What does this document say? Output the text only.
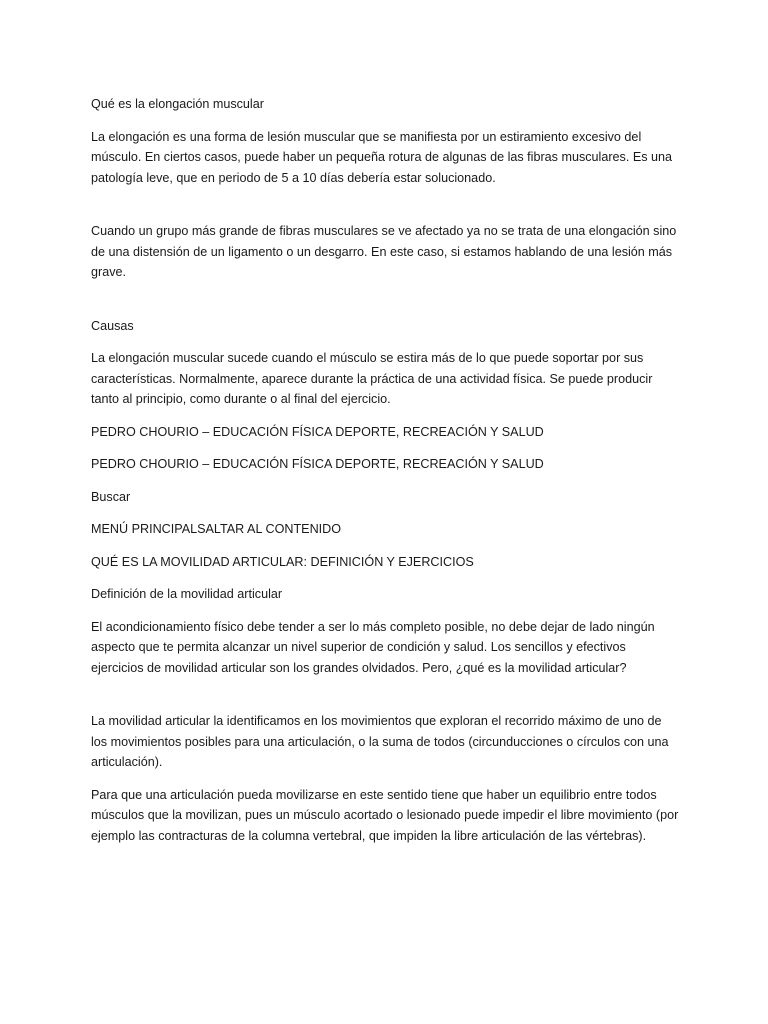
Qué es la elongación muscular

La elongación es una forma de lesión muscular que se manifiesta por un estiramiento excesivo del músculo. En ciertos casos, puede haber un pequeña rotura de algunas de las fibras musculares. Es una patología leve, que en periodo de 5 a 10 días debería estar solucionado.

Cuando un grupo más grande de fibras musculares se ve afectado ya no se trata de una elongación sino de una distensión de un ligamento o un desgarro. En este caso, si estamos hablando de una lesión más grave.

Causas

La elongación muscular sucede cuando el músculo se estira más de lo que puede soportar por sus características. Normalmente, aparece durante la práctica de una actividad física. Se puede producir tanto al principio, como durante o al final del ejercicio.

PEDRO CHOURIO – EDUCACIÓN FÍSICA DEPORTE, RECREACIÓN Y SALUD

PEDRO CHOURIO – EDUCACIÓN FÍSICA DEPORTE, RECREACIÓN Y SALUD

Buscar

MENÚ PRINCIPALSALTAR AL CONTENIDO

QUÉ ES LA MOVILIDAD ARTICULAR: DEFINICIÓN Y EJERCICIOS

Definición de la movilidad articular

El acondicionamiento físico debe tender a ser lo más completo posible, no debe dejar de lado ningún aspecto que te permita alcanzar un nivel superior de condición y salud. Los sencillos y efectivos ejercicios de movilidad articular son los grandes olvidados. Pero, ¿qué es la movilidad articular?

La movilidad articular la identificamos en los movimientos que exploran el recorrido máximo de uno de los movimientos posibles para una articulación, o la suma de todos (circunducciones o círculos con una articulación).

Para que una articulación pueda movilizarse en este sentido tiene que haber un equilibrio entre todos músculos que la movilizan, pues un músculo acortado o lesionado puede impedir el libre movimiento (por ejemplo las contracturas de la columna vertebral, que impiden la libre articulación de las vértebras).
